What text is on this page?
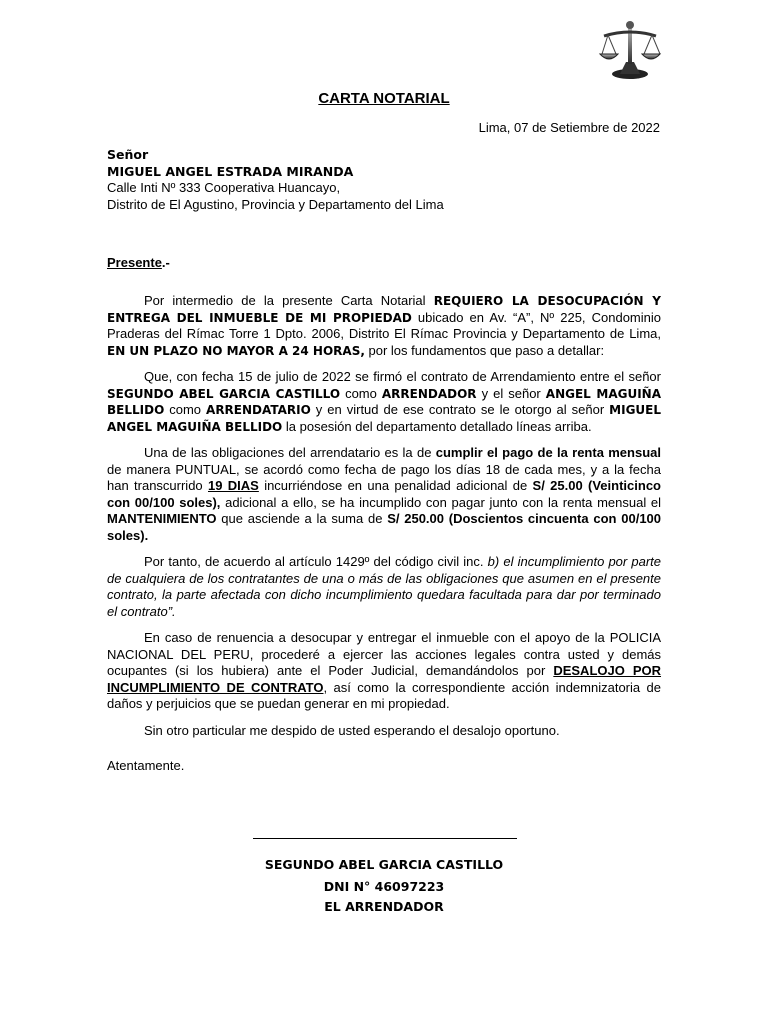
CARTA NOTARIAL
Lima, 07 de Setiembre de 2022
Señor
MIGUEL ANGEL ESTRADA MIRANDA
Calle Inti Nº 333 Cooperativa Huancayo,
Distrito de El Agustino, Provincia y Departamento del Lima
Presente.-

Por intermedio de la presente Carta Notarial REQUIERO LA DESOCUPACIÓN Y ENTREGA DEL INMUEBLE DE MI PROPIEDAD ubicado en Av. “A”, Nº 225, Condominio Praderas del Rímac Torre 1 Dpto. 2006, Distrito El Rímac Provincia y Departamento de Lima, EN UN PLAZO NO MAYOR A 24 HORAS, por los fundamentos que paso a detallar:

Que, con fecha 15 de julio de 2022 se firmó el contrato de Arrendamiento entre el señor SEGUNDO ABEL GARCIA CASTILLO como ARRENDADOR y el señor ANGEL MAGUIÑA BELLIDO como ARRENDATARIO y en virtud de ese contrato se le otorgo al señor MIGUEL ANGEL MAGUIÑA BELLIDO la posesión del departamento detallado líneas arriba.

Una de las obligaciones del arrendatario es la de cumplir el pago de la renta mensual de manera PUNTUAL, se acordó como fecha de pago los días 18 de cada mes, y a la fecha han transcurrido 19 DIAS incurriéndose en una penalidad adicional de S/ 25.00 (Veinticinco con 00/100 soles), adicional a ello, se ha incumplido con pagar junto con la renta mensual el MANTENIMIENTO que asciende a la suma de S/ 250.00 (Doscientos cincuenta con 00/100 soles).

Por tanto, de acuerdo al artículo 1429º del código civil inc. b) el incumplimiento por parte de cualquiera de los contratantes de una o más de las obligaciones que asumen en el presente contrato, la parte afectada con dicho incumplimiento quedara facultada para dar por terminado el contrato”.

En caso de renuencia a desocupar y entregar el inmueble con el apoyo de la POLICIA NACIONAL DEL PERU, procederé a ejercer las acciones legales contra usted y demás ocupantes (si los hubiera) ante el Poder Judicial, demandándolos por DESALOJO POR INCUMPLIMIENTO DE CONTRATO, así como la correspondiente acción indemnizatoria de daños y perjuicios que se puedan generar en mi propiedad.

Sin otro particular me despido de usted esperando el desalojo oportuno.

Atentamente.
SEGUNDO ABEL GARCIA CASTILLO
DNI N° 46097223
EL ARRENDADOR
